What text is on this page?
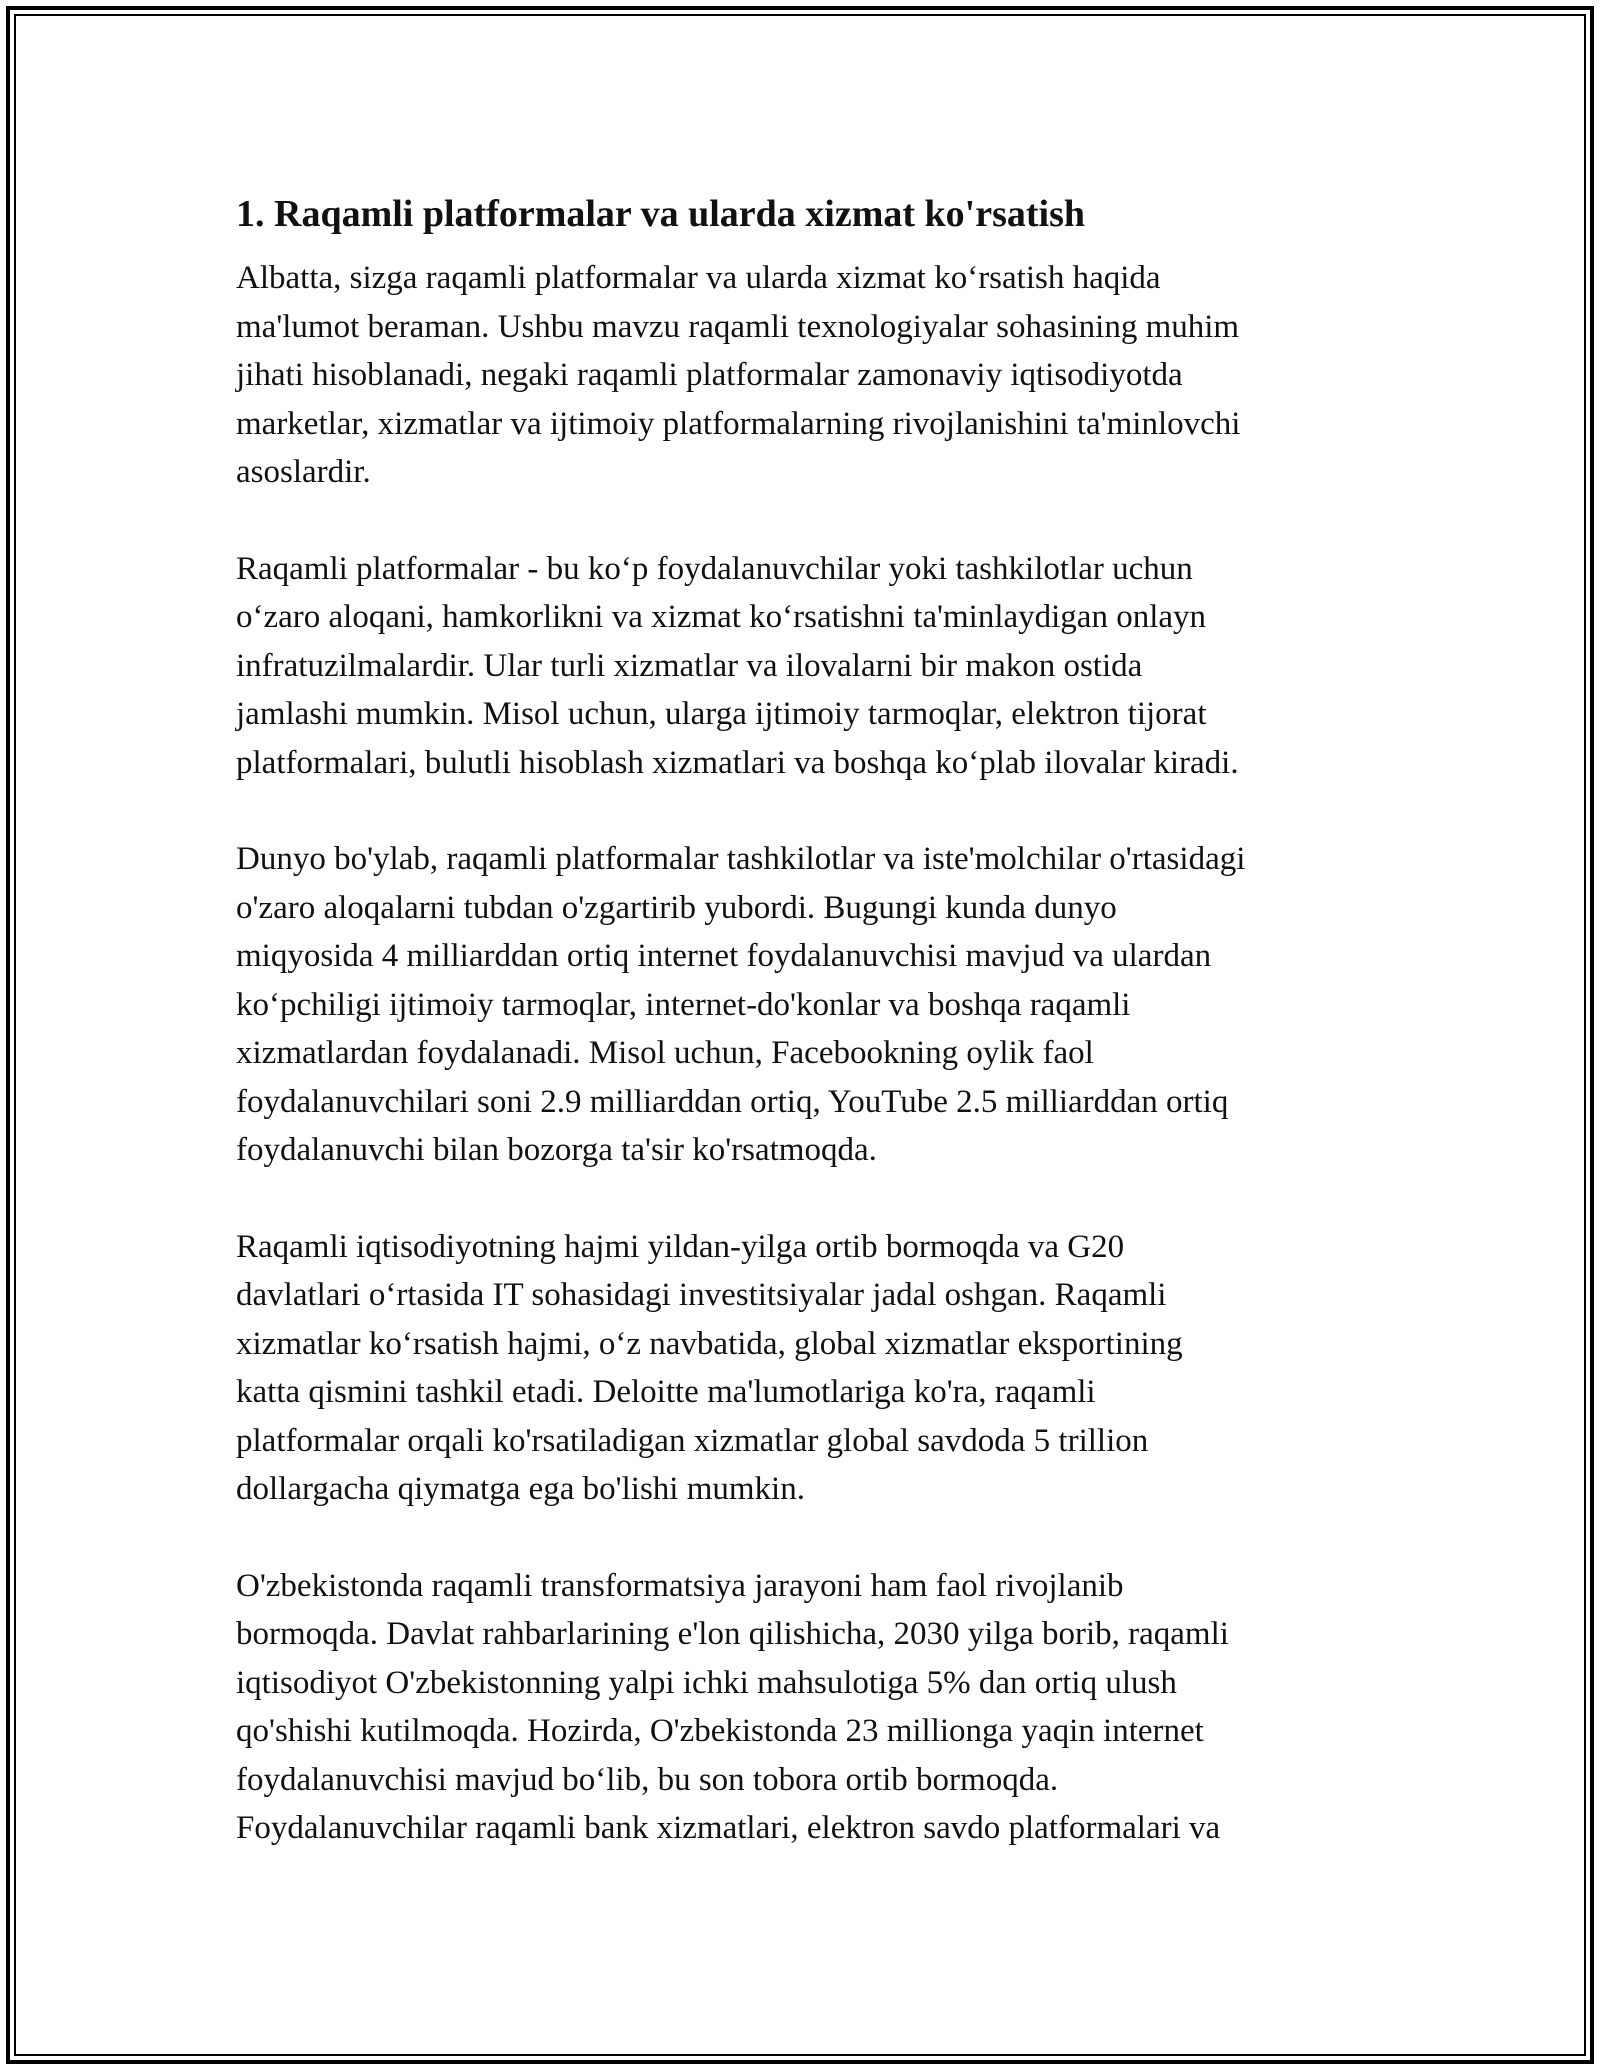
1. Raqamli platformalar va ularda xizmat ko'rsatish

Albatta, sizga raqamli platformalar va ularda xizmat koʻrsatish haqida
ma'lumot beraman. Ushbu mavzu raqamli texnologiyalar sohasining muhim
jihati hisoblanadi, negaki raqamli platformalar zamonaviy iqtisodiyotda
marketlar, xizmatlar va ijtimoiy platformalarning rivojlanishini ta'minlovchi
asoslardir.

Raqamli platformalar - bu koʻp foydalanuvchilar yoki tashkilotlar uchun
oʻzaro aloqani, hamkorlikni va xizmat koʻrsatishni ta'minlaydigan onlayn
infratuzilmalardir. Ular turli xizmatlar va ilovalarni bir makon ostida
jamlashi mumkin. Misol uchun, ularga ijtimoiy tarmoqlar, elektron tijorat
platformalari, bulutli hisoblash xizmatlari va boshqa koʻplab ilovalar kiradi.

Dunyo bo'ylab, raqamli platformalar tashkilotlar va iste'molchilar o'rtasidagi
o'zaro aloqalarni tubdan o'zgartirib yubordi. Bugungi kunda dunyo
miqyosida 4 milliarddan ortiq internet foydalanuvchisi mavjud va ulardan
koʻpchiligi ijtimoiy tarmoqlar, internet-do'konlar va boshqa raqamli
xizmatlardan foydalanadi. Misol uchun, Facebookning oylik faol
foydalanuvchilari soni 2.9 milliarddan ortiq, YouTube 2.5 milliarddan ortiq
foydalanuvchi bilan bozorga ta'sir ko'rsatmoqda.

Raqamli iqtisodiyotning hajmi yildan-yilga ortib bormoqda va G20
davlatlari oʻrtasida IT sohasidagi investitsiyalar jadal oshgan. Raqamli
xizmatlar koʻrsatish hajmi, oʻz navbatida, global xizmatlar eksportining
katta qismini tashkil etadi. Deloitte ma'lumotlariga ko'ra, raqamli
platformalar orqali ko'rsatiladigan xizmatlar global savdoda 5 trillion
dollargacha qiymatga ega bo'lishi mumkin.

O'zbekistonda raqamli transformatsiya jarayoni ham faol rivojlanib
bormoqda. Davlat rahbarlarining e'lon qilishicha, 2030 yilga borib, raqamli
iqtisodiyot O'zbekistonning yalpi ichki mahsulotiga 5% dan ortiq ulush
qo'shishi kutilmoqda. Hozirda, O'zbekistonda 23 millionga yaqin internet
foydalanuvchisi mavjud boʻlib, bu son tobora ortib bormoqda.
Foydalanuvchilar raqamli bank xizmatlari, elektron savdo platformalari va
